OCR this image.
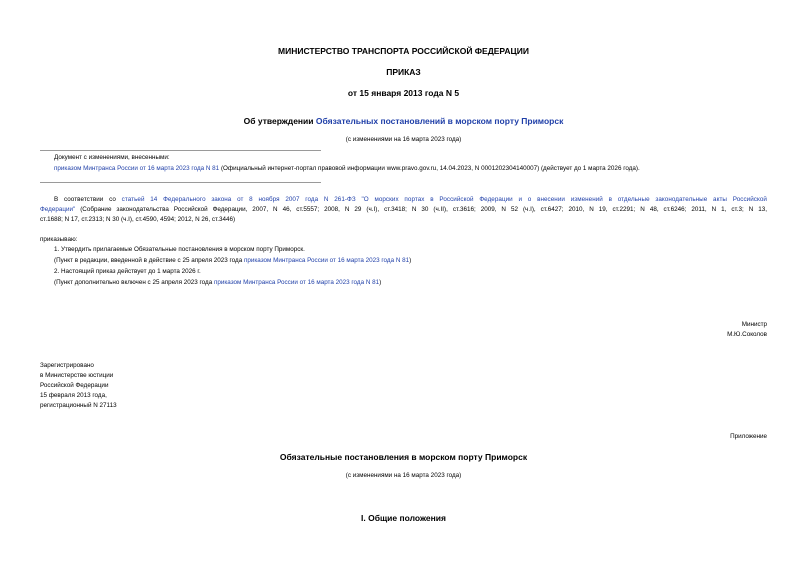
МИНИСТЕРСТВО ТРАНСПОРТА РОССИЙСКОЙ ФЕДЕРАЦИИ
ПРИКАЗ
от 15 января 2013 года N 5
Об утверждении Обязательных постановлений в морском порту Приморск
(с изменениями на 16 марта 2023 года)
Документ с изменениями, внесенными:
приказом Минтранса России от 16 марта 2023 года N 81 (Официальный интернет-портал правовой информации www.pravo.gov.ru, 14.04.2023, N 0001202304140007) (действует до 1 марта 2026 года).
В соответствии со статьей 14 Федерального закона от 8 ноября 2007 года N 261-ФЗ "О морских портах в Российской Федерации и о внесении изменений в отдельные законодательные акты Российской
Федерации" (Собрание законодательства Российской Федерации, 2007, N 46, ст.5557; 2008, N 29 (ч.I), ст.3418; N 30 (ч.II), ст.3616; 2009, N 52 (ч.I), ст.6427; 2010, N 19, ст.2291; N 48, ст.6246; 2011, N 1, ст.3; N 13,
ст.1688; N 17, ст.2313; N 30 (ч.I), ст.4590, 4594; 2012, N 26, ст.3446)
приказываю:
1. Утвердить прилагаемые Обязательные постановления в морском порту Приморск.
(Пункт в редакции, введенной в действие с 25 апреля 2023 года приказом Минтранса России от 16 марта 2023 года N 81)
2. Настоящий приказ действует до 1 марта 2026 г.
(Пункт дополнительно включен с 25 апреля 2023 года приказом Минтранса России от 16 марта 2023 года N 81)
Министр
М.Ю.Соколов
Зарегистрировано
в Министерстве юстиции
Российской Федерации
15 февраля 2013 года,
регистрационный N 27113
Приложение
Обязательные постановления в морском порту Приморск
(с изменениями на 16 марта 2023 года)
I. Общие положения
